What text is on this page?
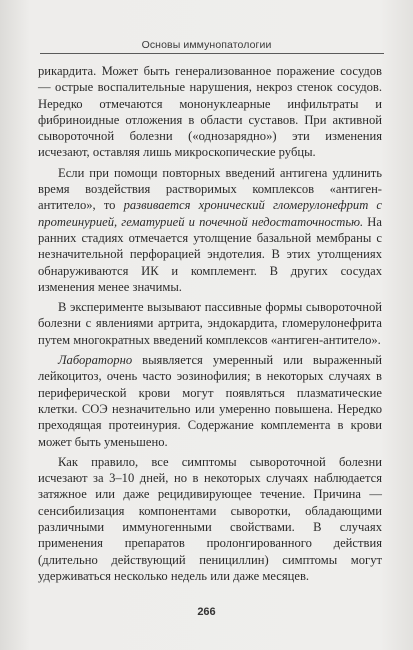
Основы иммунопатологии

рикардита. Может быть генерализованное поражение сосудов — острые воспалительные нарушения, некроз стенок сосудов. Нередко отмечаются мононуклеарные инфильтраты и фибриноидные отложения в области суставов. При активной сывороточной болезни («однозарядно») эти изменения исчезают, оставляя лишь микроскопические рубцы.

Если при помощи повторных введений антигена удлинить время воздействия растворимых комплексов «антиген-антитело», то развивается хронический гломерулонефрит с протеинурией, гематурией и почечной недостаточностью. На ранних стадиях отмечается утолщение базальной мембраны с незначительной перфорацией эндотелия. В этих утолщениях обнаруживаются ИК и комплемент. В других сосудах изменения менее значимы.

В эксперименте вызывают пассивные формы сывороточной болезни с явлениями артрита, эндокардита, гломерулонефрита путем многократных введений комплексов «антиген-антитело».

Лабораторно выявляется умеренный или выраженный лейкоцитоз, очень часто эозинофилия; в некоторых случаях в периферической крови могут появляться плазматические клетки. СОЭ незначительно или умеренно повышена. Нередко преходящая протеинурия. Содержание комплемента в крови может быть уменьшено.

Как правило, все симптомы сывороточной болезни исчезают за 3–10 дней, но в некоторых случаях наблюдается затяжное или даже рецидивирующее течение. Причина — сенсибилизация компонентами сыворотки, обладающими различными иммуногенными свойствами. В случаях применения препаратов пролонгированного действия (длительно действующий пенициллин) симптомы могут удерживаться несколько недель или даже месяцев.

266
